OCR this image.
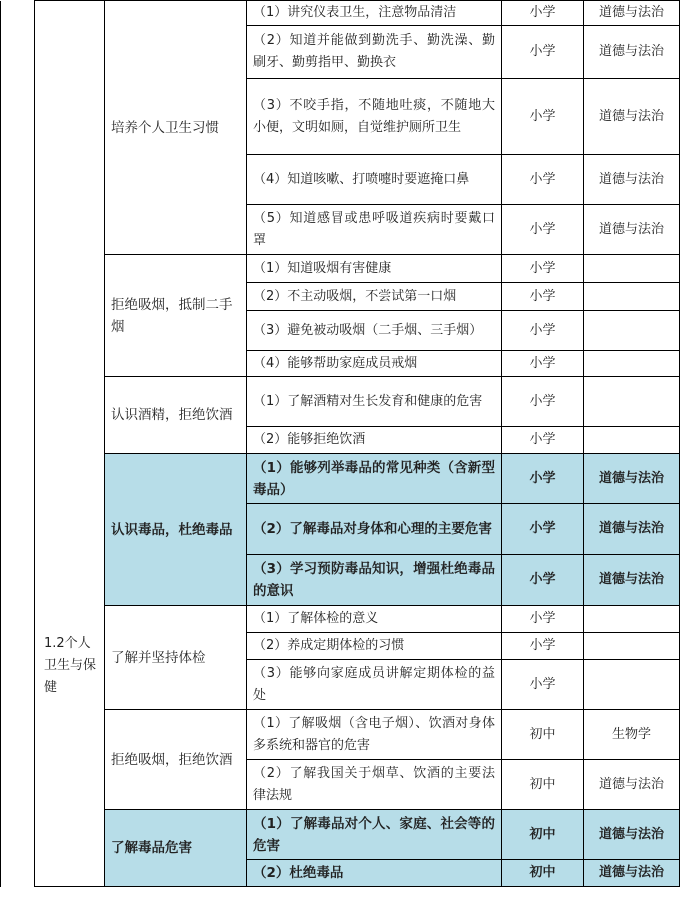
	1.2个人卫生与保健	培养个人卫生习惯	（1）讲究仪表卫生，注意物品清洁	小学	道德与法治
			（2）知道并能做到勤洗手、勤洗澡、勤刷牙、勤剪指甲、勤换衣	小学	道德与法治
			（3）不咬手指，不随地吐痰，不随地大小便，文明如厕，自觉维护厕所卫生	小学	道德与法治
			（4）知道咳嗽、打喷嚏时要遮掩口鼻	小学	道德与法治
			（5）知道感冒或患呼吸道疾病时要戴口罩	小学	道德与法治
		拒绝吸烟，抵制二手烟	（1）知道吸烟有害健康	小学	
			（2）不主动吸烟，不尝试第一口烟	小学	
			（3）避免被动吸烟（二手烟、三手烟）	小学	
			（4）能够帮助家庭成员戒烟	小学	
		认识酒精，拒绝饮酒	（1）了解酒精对生长发育和健康的危害	小学	
			（2）能够拒绝饮酒	小学	
		认识毒品，杜绝毒品	（1）能够列举毒品的常见种类（含新型毒品）	小学	道德与法治
			（2）了解毒品对身体和心理的主要危害	小学	道德与法治
			（3）学习预防毒品知识，增强杜绝毒品的意识	小学	道德与法治
		了解并坚持体检	（1）了解体检的意义	小学	
			（2）养成定期体检的习惯	小学	
			（3）能够向家庭成员讲解定期体检的益处	小学	
		拒绝吸烟，拒绝饮酒	（1）了解吸烟（含电子烟）、饮酒对身体多系统和器官的危害	初中	生物学
			（2）了解我国关于烟草、饮酒的主要法律法规	初中	道德与法治
		了解毒品危害	（1）了解毒品对个人、家庭、社会等的危害	初中	道德与法治
			（2）杜绝毒品	初中	道德与法治
